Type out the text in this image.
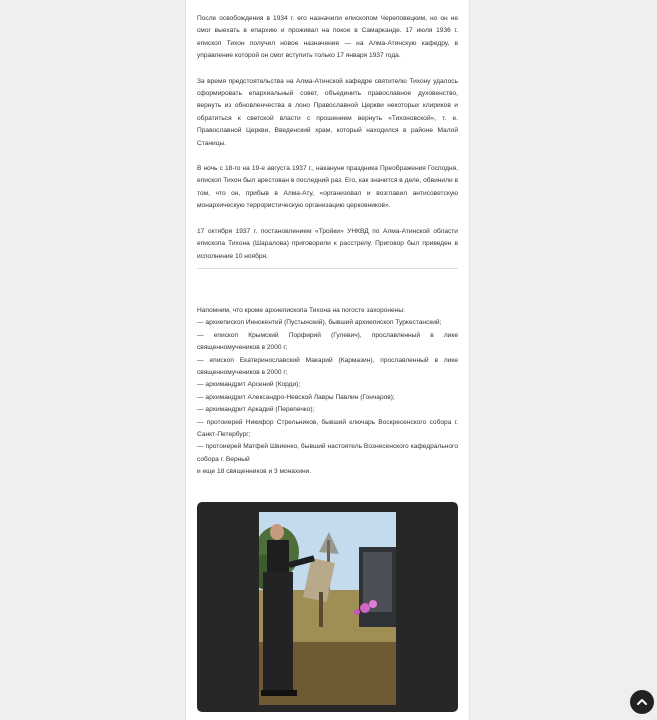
После освобождения в 1934 г. его назначили епископом Череповецким, но он не смог выехать в епархию и проживал на покое в Самарканде. 17 июля 1936 г. епископ Тихон получил новое назначение — на Алма-Атинскую кафедру, в управление которой он смог вступить только 17 января 1937 года.

За время предстоятельства на Алма-Атинской кафедре святителю Тихону удалось сформировать епархиальный совет, объединить православное духовенство, вернуть из обновленчества в лоно Православной Церкви некоторых клириков и обратиться к светской власти с прошением вернуть «Тихоновской», т. е. Православной Церкви, Введенский храм, который находился в районе Малой Станицы.

В ночь с 18-го на 19-е августа 1937 г., накануне праздника Преображения Господня, епископ Тихон был арестован в последний раз. Его, как значится в деле, обвинили в том, что он, прибыв в Алма-Ату, «организовал и возглавил антисоветскую монархическую террористическую организацию церковников».

17 октября 1937 г. постановлением «Тройки» УНКВД по Алма-Атинской области епископа Тихона (Шаралова) приговорили к расстрелу. Приговор был приведен в исполнение 10 ноября.

Напомним, что кроме архиепископа Тихона на погосте захоронены:
— архиепископ Иннокентий (Пустынский), бывший архиепископ Туркестанский;
— епископ Крымский Порфирий (Гулевич), прославленный в лике священномучеников в 2000 г;
— епископ Екатеринославский Макарий (Кармазин), прославленный в лике священномучеников в 2000 г;
— архимандрит Арсений (Корди);
— архимандрит Александро-Невской Лавры Павлин (Гончаров);
— архимандрит Аркадий (Перепечко);
— протоиерей Никифор Стрельников, бывший ключарь Воскресенского собора г. Санкт-Петербург;
— протоиерей Матфей Швиенко, бывший настоятель Вознесенского кафедрального собора г. Верный
и еще 18 священников и 3 монахини.
